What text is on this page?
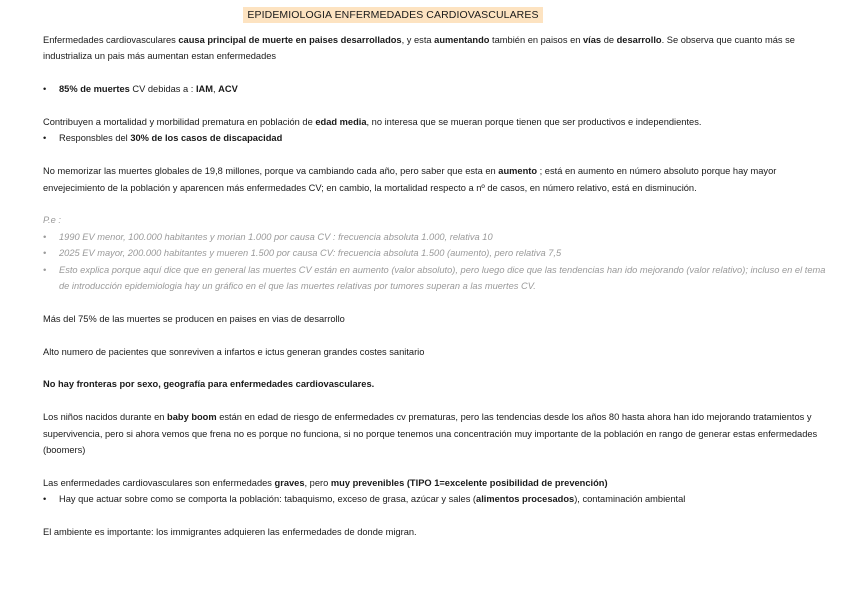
EPIDEMIOLOGIA ENFERMEDADES CARDIOVASCULARES

Enfermedades cardiovasculares causa principal de muerte en paises desarrollados, y esta aumentando también en paisos en vías de desarrollo. Se observa que cuanto más se industrializa un pais más aumentan estan enfermedades

• 85% de muertes CV debidas a : IAM, ACV

Contribuyen a mortalidad y morbilidad prematura en población de edad media, no interesa que se mueran porque tienen que ser productivos e independientes.

• Responsbles del 30% de los casos de discapacidad

No memorizar las muertes globales de 19,8 millones, porque va cambiando cada año, pero saber que esta en aumento ; está en aumento en número absoluto porque hay mayor envejecimiento de la población y aparencen más enfermedades CV; en cambio, la mortalidad respecto a nº de casos, en número relativo, está en disminución.

P.e :

• 1990 EV menor, 100.000 habitantes y morian 1.000 por causa CV : frecuencia absoluta 1.000, relativa 10
• 2025 EV mayor, 200.000 habitantes y mueren 1.500 por causa CV: frecuencia absoluta 1.500 (aumento), pero relativa 7,5
• Esto explica porque aquí dice que en general las muertes CV están en aumento (valor absoluto), pero luego dice que las tendencias han ido mejorando (valor relativo); incluso en el tema de introducción epidemiologia hay un gráfico en el que las muertes relativas por tumores superan a las muertes CV.

Más del 75% de las muertes se producen en paises en vias de desarrollo

Alto numero de pacientes que sonreviven a infartos e ictus generan grandes costes sanitario

No hay fronteras por sexo, geografía para enfermedades cardiovasculares.

Los niños nacidos durante en baby boom están en edad de riesgo de enfermedades cv prematuras, pero las tendencias desde los años 80 hasta ahora han ido mejorando tratamientos y supervivencia, pero si ahora vemos que frena no es porque no funciona, si no porque tenemos una concentración muy importante de la población en rango de generar estas enfermedades (boomers)

Las enfermedades cardiovasculares son enfermedades graves, pero muy prevenibles (TIPO 1=excelente posibilidad de prevención)

• Hay que actuar sobre como se comporta la población: tabaquismo, exceso de grasa, azúcar y sales (alimentos procesados), contaminación ambiental

El ambiente es importante: los immigrantes adquieren las enfermedades de donde migran.
